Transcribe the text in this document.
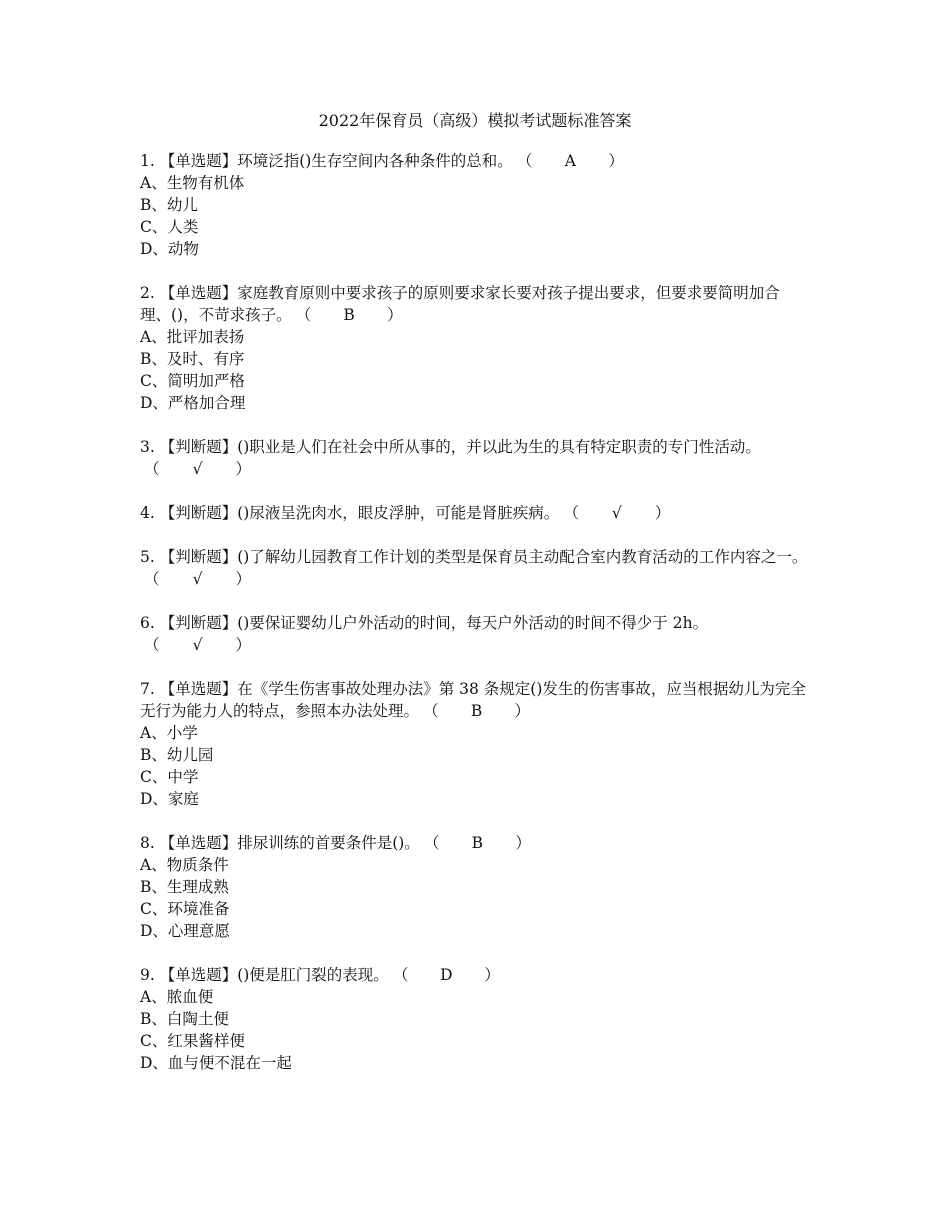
2022年保育员（高级）模拟考试题标准答案

1. 【单选题】环境泛指()生存空间内各种条件的总和。 （ A ）

A、生物有机体

B、幼儿

C、人类

D、动物

2. 【单选题】家庭教育原则中要求孩子的原则要求家长要对孩子提出要求，但要求要简明加合理、()，不苛求孩子。 （ B ）

A、批评加表扬

B、及时、有序

C、简明加严格

D、严格加合理

3. 【判断题】()职业是人们在社会中所从事的，并以此为生的具有特定职责的专门性活动。（ √ ）

4. 【判断题】()尿液呈洗肉水，眼皮浮肿，可能是肾脏疾病。 （ √ ）

5. 【判断题】()了解幼儿园教育工作计划的类型是保育员主动配合室内教育活动的工作内容之一。（ √ ）

6. 【判断题】()要保证婴幼儿户外活动的时间，每天户外活动的时间不得少于 2h。（ √ ）

7. 【单选题】在《学生伤害事故处理办法》第 38 条规定()发生的伤害事故，应当根据幼儿为完全无行为能力人的特点，参照本办法处理。 （ B ）

A、小学

B、幼儿园

C、中学

D、家庭

8. 【单选题】排尿训练的首要条件是()。 （ B ）

A、物质条件

B、生理成熟

C、环境准备

D、心理意愿

9. 【单选题】()便是肛门裂的表现。 （ D ）

A、脓血便

B、白陶土便

C、红果酱样便

D、血与便不混在一起
